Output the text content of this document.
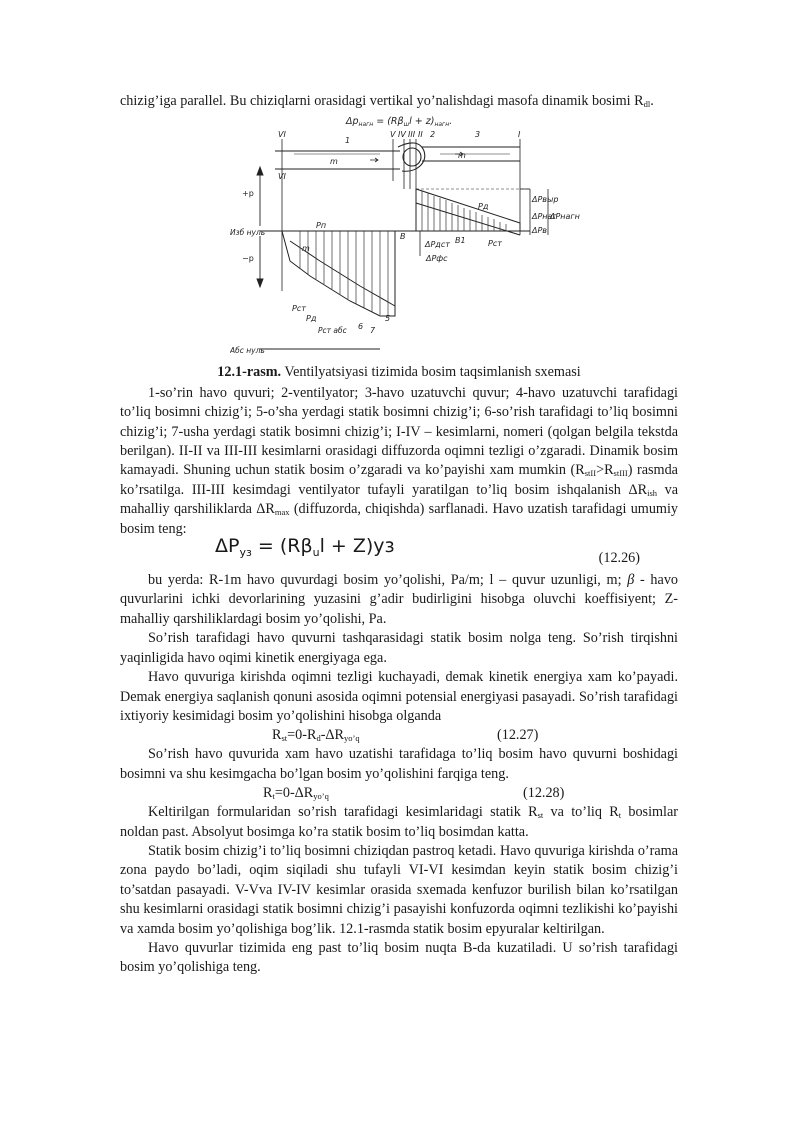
chizig’iga parallel. Bu chiziqlarni orasidagi vertikal yo’nalishdagi masofa dinamik bosimi $R_{dl}$.

$\Delta p_{нагн} = (R\beta_шl + z)_{нагн}$.
+p
−p
VI
VI
V IV III II	I
1
2	3
m
m
Изб нуль
Абс нуль
Pп
Pд
Pст
B1
Pст
Pд
Pст абс 6 7
5
B
ΔPдст
ΔPфс
ΔPвыр
ΔPнаг
ΔPнагн
ΔPв
m

12.1-rasm. Ventilyatsiyasi tizimida bosim taqsimlanish sxemasi

1-so’rin havo quvuri; 2-ventilyator; 3-havo uzatuvchi quvur; 4-havo uzatuvchi tarafidagi to’liq bosimni chizig’i; 5-o’sha yerdagi statik bosimni chizig’i; 6-so’rish tarafidagi to’liq bosimni chizig’i; 7-usha yerdagi statik bosimni chizig’i; I-IV – kesimlarni, nomeri (qolgan belgila tekstda berilgan). II-II va III-III kesimlarni orasidagi diffuzorda oqimni tezligi o’zgaradi. Dinamik bosim kamayadi. Shuning uchun statik bosim o’zgaradi va ko’payishi xam mumkin $(R_{stII}>R_{stIII})$ rasmda ko’rsatilga. III-III kesimdagi ventilyator tufayli yaratilgan to’liq bosim ishqalanish $\Delta R_{ish}$ va mahalliy qarshiliklarda $\Delta R_{max}$ (diffuzorda, chiqishda) sarflanadi. Havo uzatish tarafidagi umumiy bosim teng:

$\Delta P_{уз} = (R\beta_ul + Z)уз$
(12.26)

bu yerda: R-1m havo quvurdagi bosim yo’qolishi, Pa/m; l – quvur uzunligi, m; β - havo quvurlarini ichki devorlarining yuzasini g’adir budirligini hisobga oluvchi koeffisiyent; Z-mahalliy qarshiliklardagi bosim yo’qolishi, Pa.

So’rish tarafidagi havo quvurni tashqarasidagi statik bosim nolga teng. So’rish tirqishni yaqinligida havo oqimi kinetik energiyaga ega.

Havo quvuriga kirishda oqimni tezligi kuchayadi, demak kinetik energiya xam ko’payadi. Demak energiya saqlanish qonuni asosida oqimni potensial energiyasi pasayadi. So’rish tarafidagi ixtiyoriy kesimidagi bosim yo’qolishini hisobga olganda

$R_{st}=0-R_d-\Delta R_{yo’q}$	(12.27)

So’rish havo quvurida xam havo uzatishi tarafidaga to’liq bosim havo quvurni boshidagi bosimni va shu kesimgacha bo’lgan bosim yo’qolishini farqiga teng.

$R_t=0-\Delta R_{yo’q}$	(12.28)

Keltirilgan formularidan so’rish tarafidagi kesimlaridagi statik $R_{st}$ va to’liq $R_t$ bosimlar noldan past. Absolyut bosimga ko’ra statik bosim to’liq bosimdan katta.

Statik bosim chizig’i to’liq bosimni chiziqdan pastroq ketadi. Havo quvuriga kirishda o’rama zona paydo bo’ladi, oqim siqiladi shu tufayli VI-VI kesimdan keyin statik bosim chizig’i to’satdan pasayadi. V-Vva IV-IV kesimlar orasida sxemada kenfuzor burilish bilan ko’rsatilgan shu kesimlarni orasidagi statik bosimni chizig’i pasayishi konfuzorda oqimni tezlikishi ko’payishi va xamda bosim yo’qolishiga bog’lik. 12.1-rasmda statik bosim epyuralar keltirilgan.

Havo quvurlar tizimida eng past to’liq bosim nuqta B-da kuzatiladi. U so’rish tarafidagi bosim yo’qolishiga teng.
